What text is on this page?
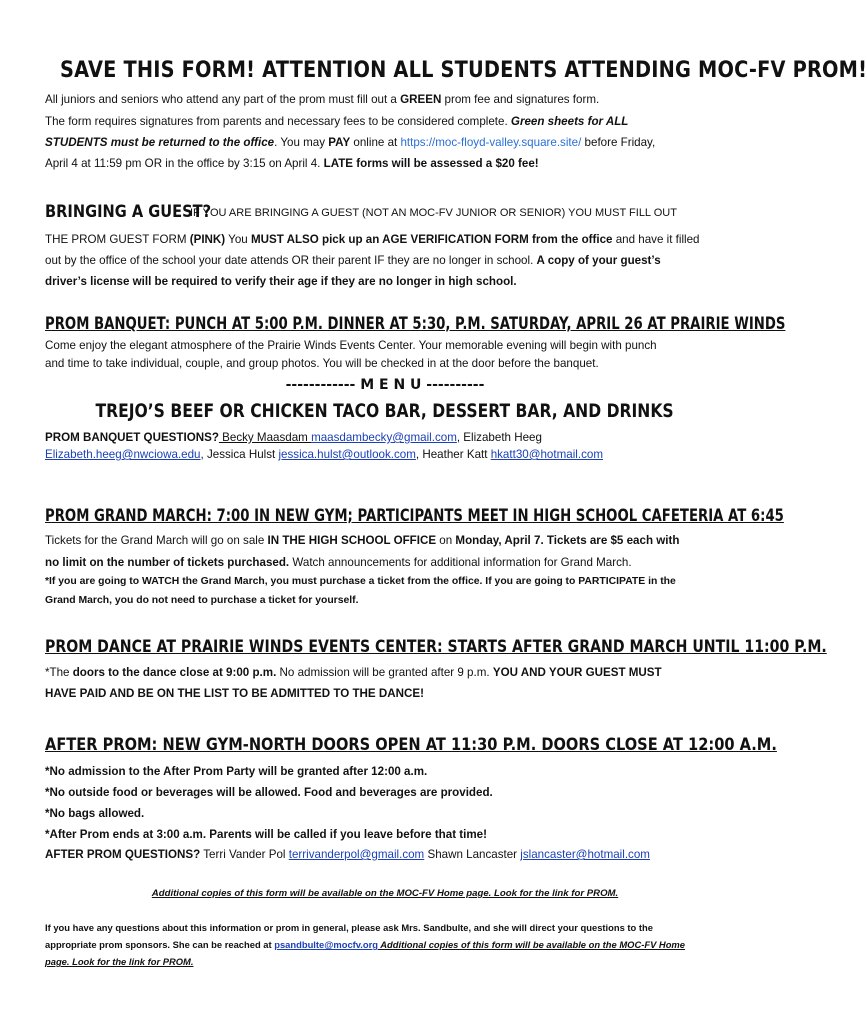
SAVE THIS FORM! ATTENTION ALL STUDENTS ATTENDING MOC-FV PROM!
All juniors and seniors who attend any part of the prom must fill out a GREEN prom fee and signatures form.
The form requires signatures from parents and necessary fees to be considered complete. Green sheets for ALL
STUDENTS must be returned to the office. You may PAY online at https://moc-floyd-valley.square.site/ before Friday,
April 4 at 11:59 pm OR in the office by 3:15 on April 4. LATE forms will be assessed a $20 fee!
BRINGING A GUEST?
IF YOU ARE BRINGING A GUEST (NOT AN MOC-FV JUNIOR OR SENIOR) YOU MUST FILL OUT
THE PROM GUEST FORM (PINK) You MUST ALSO pick up an AGE VERIFICATION FORM from the office and have it filled
out by the office of the school your date attends OR their parent IF they are no longer in school. A copy of your guest’s
driver’s license will be required to verify their age if they are no longer in high school.
PROM BANQUET: PUNCH AT 5:00 P.M. DINNER AT 5:30, P.M. SATURDAY, APRIL 26 AT PRAIRIE WINDS
Come enjoy the elegant atmosphere of the Prairie Winds Events Center. Your memorable evening will begin with punch
and time to take individual, couple, and group photos. You will be checked in at the door before the banquet.
------------ M E N U ----------
TREJO’S BEEF OR CHICKEN TACO BAR, DESSERT BAR, AND DRINKS
PROM BANQUET QUESTIONS? Becky Maasdam maasdambecky@gmail.com, Elizabeth Heeg
Elizabeth.heeg@nwciowa.edu, Jessica Hulst jessica.hulst@outlook.com, Heather Katt hkatt30@hotmail.com
PROM GRAND MARCH: 7:00 IN NEW GYM; PARTICIPANTS MEET IN HIGH SCHOOL CAFETERIA AT 6:45
Tickets for the Grand March will go on sale IN THE HIGH SCHOOL OFFICE on Monday, April 7. Tickets are $5 each with
no limit on the number of tickets purchased. Watch announcements for additional information for Grand March.
*If you are going to WATCH the Grand March, you must purchase a ticket from the office. If you are going to PARTICIPATE in the
Grand March, you do not need to purchase a ticket for yourself.
PROM DANCE AT PRAIRIE WINDS EVENTS CENTER: STARTS AFTER GRAND MARCH UNTIL 11:00 P.M.
*The doors to the dance close at 9:00 p.m. No admission will be granted after 9 p.m. YOU AND YOUR GUEST MUST
HAVE PAID AND BE ON THE LIST TO BE ADMITTED TO THE DANCE!
AFTER PROM: NEW GYM-NORTH DOORS OPEN AT 11:30 P.M. DOORS CLOSE AT 12:00 A.M.
*No admission to the After Prom Party will be granted after 12:00 a.m.
*No outside food or beverages will be allowed. Food and beverages are provided.
*No bags allowed.
*After Prom ends at 3:00 a.m. Parents will be called if you leave before that time!
AFTER PROM QUESTIONS? Terri Vander Pol terrivanderpol@gmail.com Shawn Lancaster jslancaster@hotmail.com
Additional copies of this form will be available on the MOC-FV Home page. Look for the link for PROM.
If you have any questions about this information or prom in general, please ask Mrs. Sandbulte, and she will direct your questions to the
appropriate prom sponsors. She can be reached at psandbulte@mocfv.org Additional copies of this form will be available on the MOC-FV Home
page. Look for the link for PROM.
